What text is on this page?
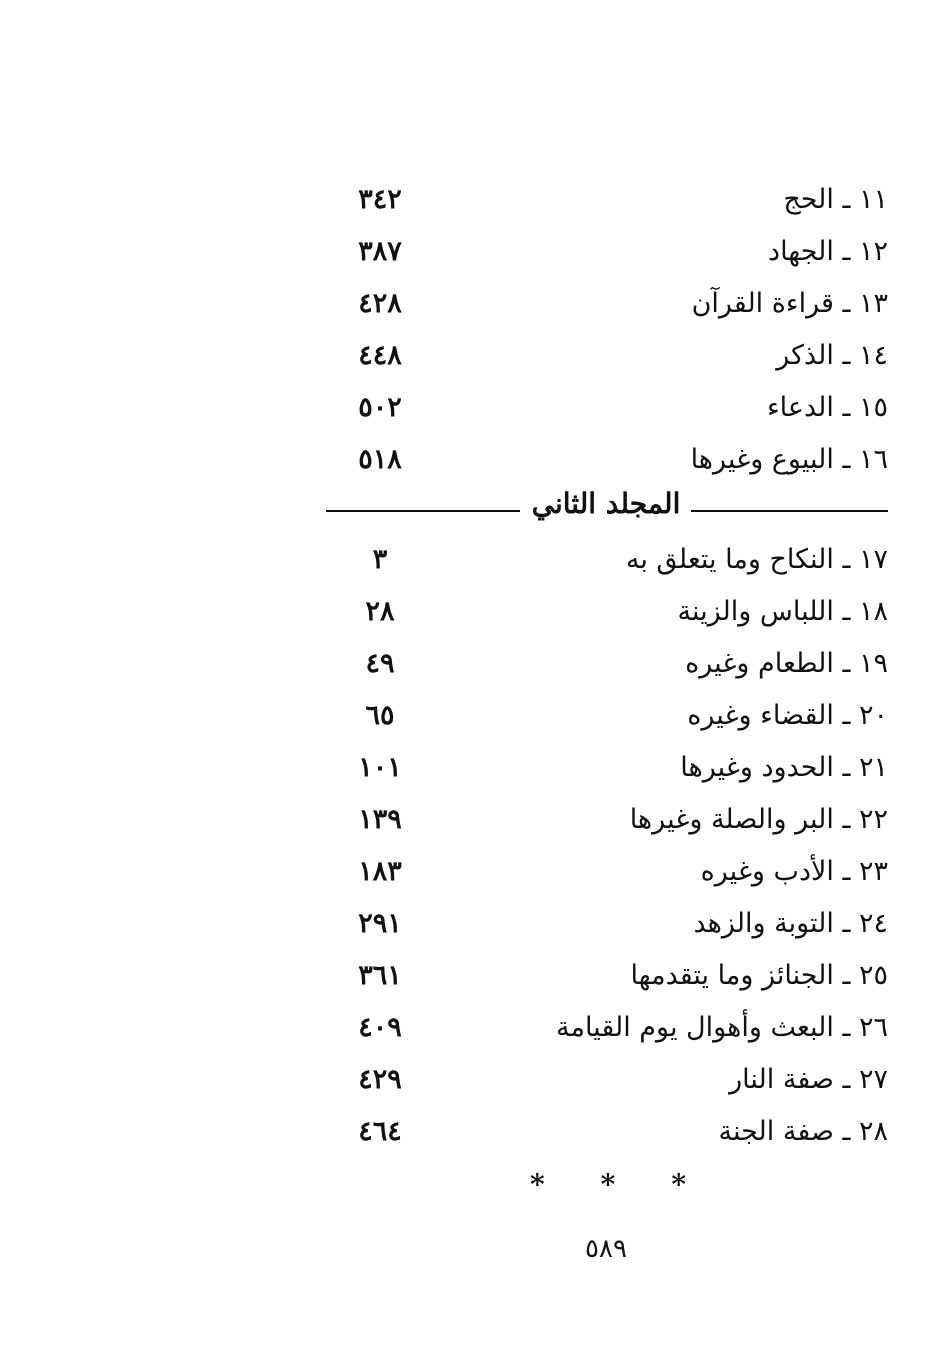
١١ ـ الحج
٣٤٢
١٢ ـ الجهاد
٣٨٧
١٣ ـ قراءة القرآن
٤٢٨
١٤ ـ الذكر
٤٤٨
١٥ ـ الدعاء
٥٠٢
١٦ ـ البيوع وغيرها
٥١٨
المجلد الثاني
١٧ ـ النكاح وما يتعلق به
٣
١٨ ـ اللباس والزينة
٢٨
١٩ ـ الطعام وغيره
٤٩
٢٠ ـ القضاء وغيره
٦٥
٢١ ـ الحدود وغيرها
١٠١
٢٢ ـ البر والصلة وغيرها
١٣٩
٢٣ ـ الأدب وغيره
١٨٣
٢٤ ـ التوبة والزهد
٢٩١
٢٥ ـ الجنائز وما يتقدمها
٣٦١
٢٦ ـ البعث وأهوال يوم القيامة
٤٠٩
٢٧ ـ صفة النار
٤٢٩
٢٨ ـ صفة الجنة
٤٦٤
* * *
٥٨٩
